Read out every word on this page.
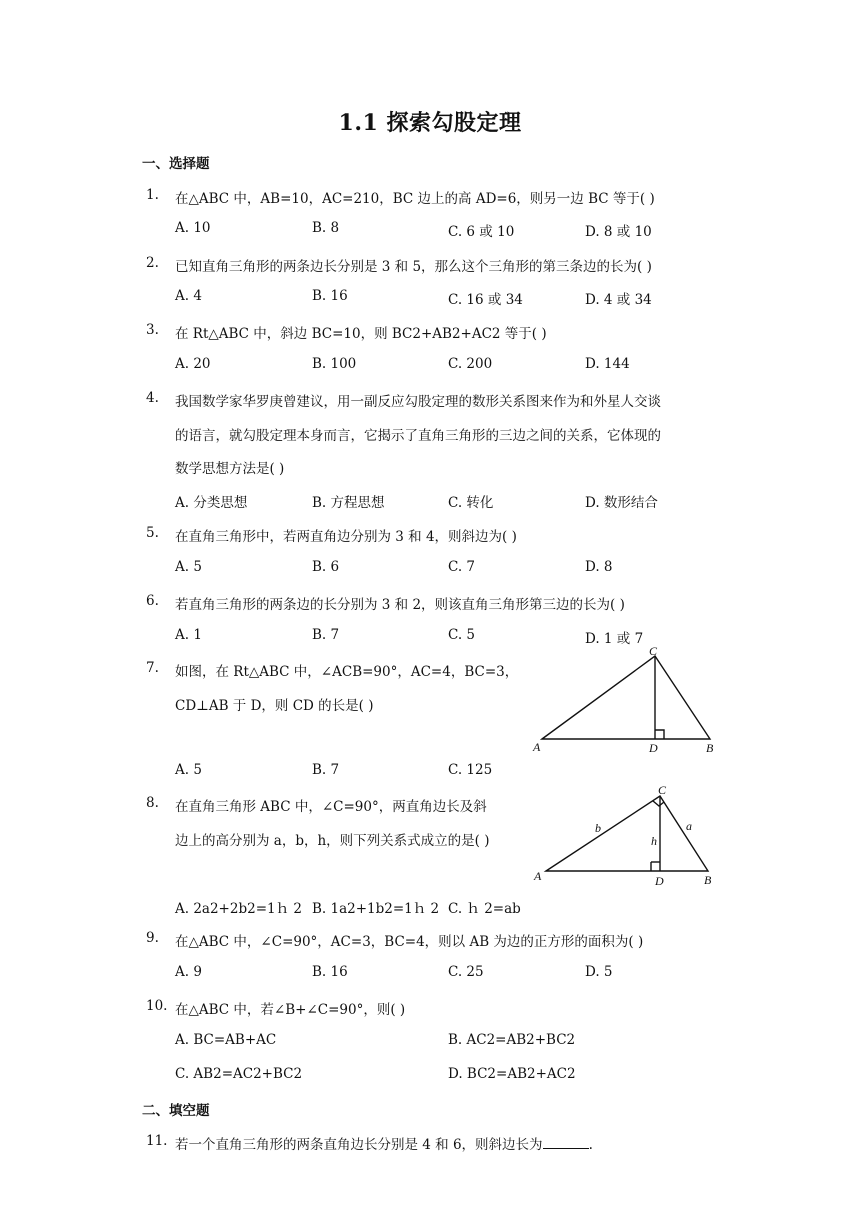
1.1 探索勾股定理
一、选择题
1. 在△ABC 中，AB=10，AC=210，BC 边上的高 AD=6，则另一边 BC 等于( )
A. 10	B. 8	C. 6 或 10	D. 8 或 10
2. 已知直角三角形的两条边长分别是 3 和 5，那么这个三角形的第三条边的长为( )
A. 4	B. 16	C. 16 或 34	D. 4 或 34
3. 在 Rt△ABC 中，斜边 BC=10，则 BC2+AB2+AC2 等于( )
A. 20	B. 100	C. 200	D. 144
4. 我国数学家华罗庚曾建议，用一副反应勾股定理的数形关系图来作为和外星人交谈
的语言，就勾股定理本身而言，它揭示了直角三角形的三边之间的关系，它体现的
数学思想方法是( )
A. 分类思想	B. 方程思想	C. 转化	D. 数形结合
5. 在直角三角形中，若两直角边分别为 3 和 4，则斜边为( )
A. 5	B. 6	C. 7	D. 8
6. 若直角三角形的两条边的长分别为 3 和 2，则该直角三角形第三边的长为( )
A. 1	B. 7	C. 5	D. 1 或 7
7. 如图，在 Rt△ABC 中，∠ACB=90°，AC=4，BC=3，
CD⊥AB 于 D，则 CD 的长是( )
C
A	D	B
A. 5	B. 7	C. 125
8. 在直角三角形 ABC 中，∠C=90°，两直角边长及斜
边上的高分别为 a，b，h，则下列关系式成立的是( )
C
A	D	B
b	a
h
A. 2a2+2b2=1ｈ 2 B. 1a2+1b2=1ｈ 2 C. ｈ 2=ab
9. 在△ABC 中，∠C=90°，AC=3，BC=4，则以 AB 为边的正方形的面积为( )
A. 9	B. 16	C. 25	D. 5
10. 在△ABC 中，若∠B+∠C=90°，则( )
A. BC=AB+AC	B. AC2=AB2+BC2
C. AB2=AC2+BC2	D. BC2=AB2+AC2
二、填空题
11. 若一个直角三角形的两条直角边长分别是 4 和 6，则斜边长为	.
